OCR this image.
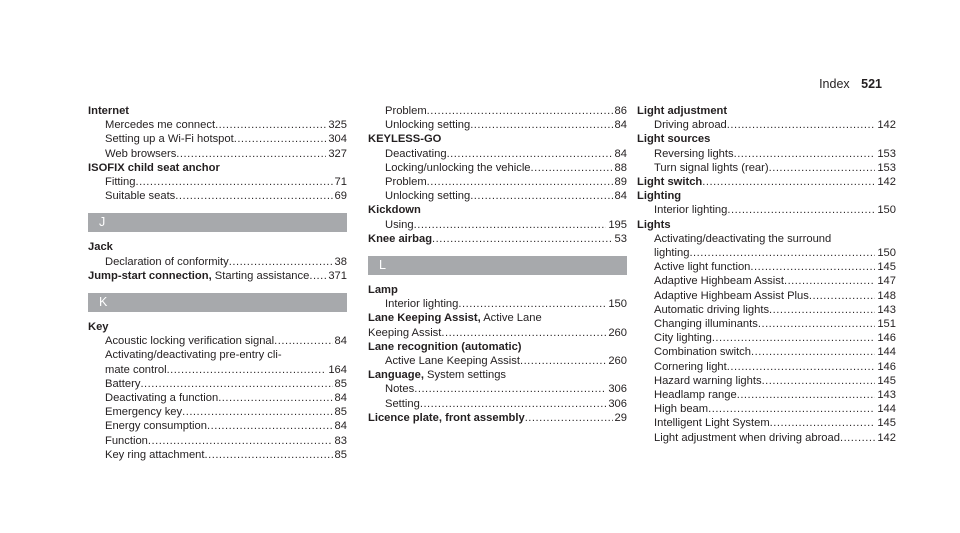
Index 521
Internet
Mercedes me connect .....	325
Setting up a Wi-Fi hotspot .....	304
Web browsers .....	327
ISOFIX child seat anchor
Fitting .....	71
Suitable seats .....	69
J
Jack
Declaration of conformity .....	38
Jump-start connection, Starting assistance ..... 371
K
Key
Acoustic locking verification signal .....	84
Activating/deactivating pre-entry cli-
mate control .....	164
Battery .....	85
Deactivating a function .....	84
Emergency key .....	85
Energy consumption .....	84
Function .....	83
Key ring attachment .....	85
Problem .....	86
Unlocking setting .....	84
KEYLESS-GO
Deactivating .....	84
Locking/unlocking the vehicle .....	88
Problem .....	89
Unlocking setting .....	84
Kickdown
Using .....	195
Knee airbag .....	53
L
Lamp
Interior lighting .....	150
Lane Keeping Assist, Active Lane
Keeping Assist .....	260
Lane recognition (automatic)
Active Lane Keeping Assist .....	260
Language, System settings
Notes .....	306
Setting .....	306
Licence plate, front assembly .....	29
Light adjustment
Driving abroad .....	142
Light sources
Reversing lights .....	153
Turn signal lights (rear) .....	153
Light switch .....	142
Lighting
Interior lighting .....	150
Lights
Activating/deactivating the surround
lighting .....	150
Active light function .....	145
Adaptive Highbeam Assist .....	147
Adaptive Highbeam Assist Plus .....	148
Automatic driving lights .....	143
Changing illuminants .....	151
City lighting .....	146
Combination switch .....	144
Cornering light .....	146
Hazard warning lights .....	145
Headlamp range .....	143
High beam .....	144
Intelligent Light System .....	145
Light adjustment when driving abroad .....	142
